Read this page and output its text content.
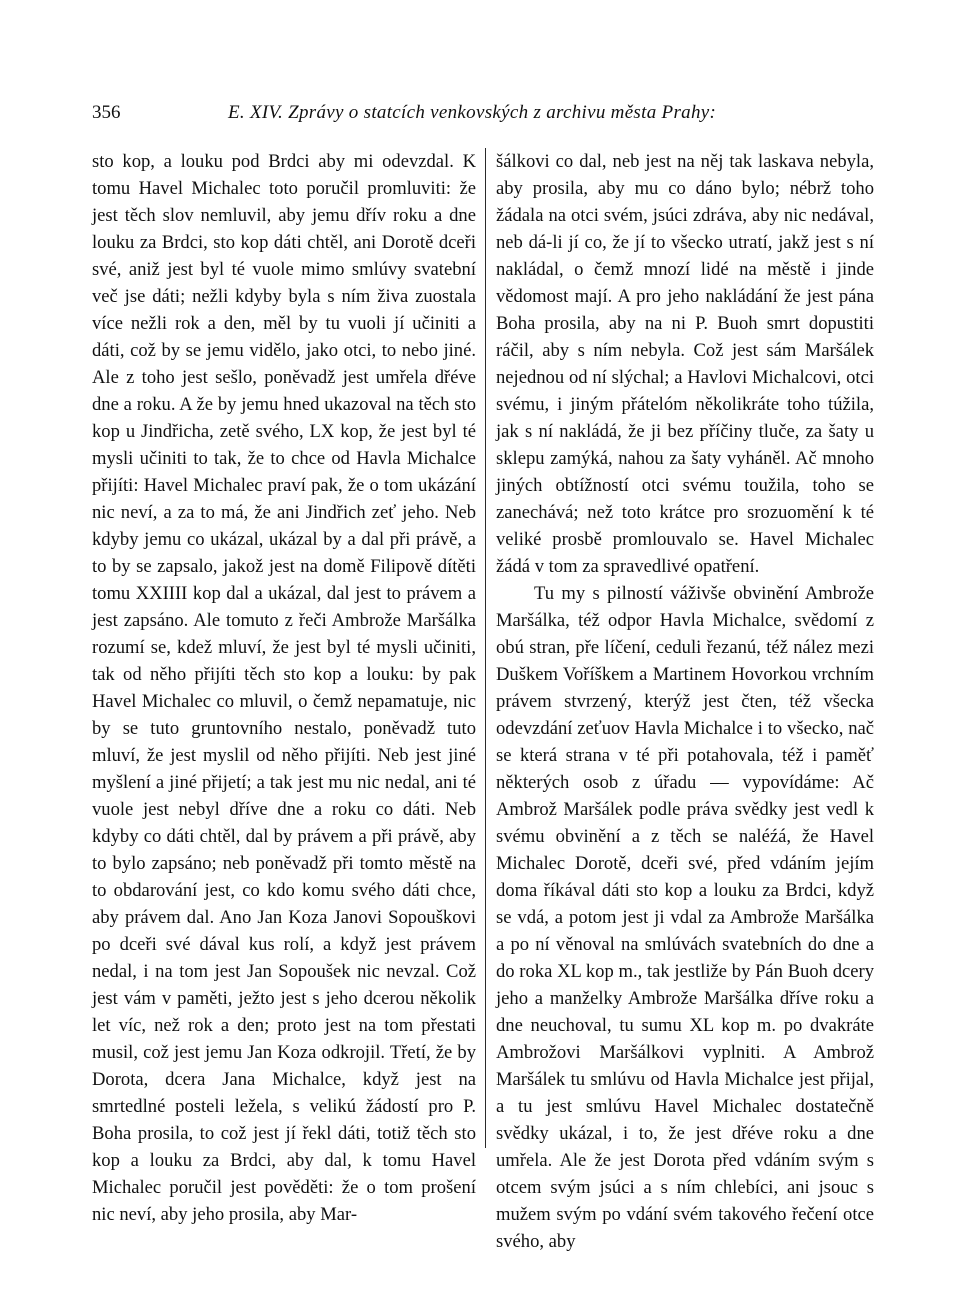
356	E. XIV. Zprávy o statcích venkovských z archivu města Prahy:

sto kop, a louku pod Brdci aby mi odevzdal. K tomu Havel Michalec toto poručil promluviti: že jest těch slov nemluvil, aby jemu dřív roku a dne louku za Brdci, sto kop dáti chtěl, ani Dorotě dceři své, aniž jest byl té vuole mimo smlúvy svatební več jse dáti; nežli kdyby byla s ním živa zuostala více nežli rok a den, měl by tu vuoli jí učiniti a dáti, což by se jemu vidělo, jako otci, to nebo jiné. Ale z toho jest sešlo, poněvadž jest umřela dřéve dne a roku. A že by jemu hned ukazoval na těch sto kop u Jindřicha, zetě svého, LX kop, že jest byl té mysli učiniti to tak, že to chce od Havla Michalce přijíti: Havel Michalec praví pak, že o tom ukázání nic neví, a za to má, že ani Jindřich zeť jeho. Neb kdyby jemu co ukázal, ukázal by a dal při právě, a to by se zapsalo, jakož jest na domě Filipově dítěti tomu XXIIII kop dal a ukázal, dal jest to právem a jest zapsáno. Ale tomuto z řeči Ambrože Maršálka rozumí se, kdež mluví, že jest byl té mysli učiniti, tak od něho přijíti těch sto kop a louku: by pak Havel Michalec co mluvil, o čemž nepamatuje, nic by se tuto gruntovního nestalo, poněvadž tuto mluví, že jest myslil od něho přijíti. Neb jest jiné myšlení a jiné přijetí; a tak jest mu nic nedal, ani té vuole jest nebyl dříve dne a roku co dáti. Neb kdyby co dáti chtěl, dal by právem a při právě, aby to bylo zapsáno; neb poněvadž při tomto městě na to obdarování jest, co kdo komu svého dáti chce, aby právem dal. Ano Jan Koza Janovi Sopouškovi po dceři své dával kus rolí, a když jest právem nedal, i na tom jest Jan Sopoušek nic nevzal. Což jest vám v paměti, ježto jest s jeho dcerou několik let víc, než rok a den; proto jest na tom přestati musil, což jest jemu Jan Koza odkrojil. Třetí, že by Dorota, dcera Jana Michalce, když jest na smrtedlné posteli ležela, s velikú žádostí pro P. Boha prosila, to což jest jí řekl dáti, totiž těch sto kop a louku za Brdci, aby dal, k tomu Havel Michalec poručil jest pověděti: že o tom prošení nic neví, aby jeho prosila, aby Mar-

šálkovi co dal, neb jest na něj tak laskava nebyla, aby prosila, aby mu co dáno bylo; nébrž toho žádala na otci svém, jsúci zdráva, aby nic nedával, neb dá-li jí co, že jí to všecko utratí, jakž jest s ní nakládal, o čemž mnozí lidé na městě i jinde vědomost mají. A pro jeho nakládání že jest pána Boha prosila, aby na ni P. Buoh smrt dopustiti ráčil, aby s ním nebyla. Což jest sám Maršálek nejednou od ní slýchal; a Havlovi Michalcovi, otci svému, i jiným přátelóm několikráte toho túžila, jak s ní nakládá, že ji bez příčiny tluče, za šaty u sklepu zamýká, nahou za šaty vyháněl. Ač mnoho jiných obtížností otci svému toužila, toho se zanechává; než toto krátce pro srozuomění k té veliké prosbě promlouvalo se. Havel Michalec žádá v tom za spravedlivé opatření.

Tu my s pilností váživše obvinění Ambrože Maršálka, též odpor Havla Michalce, svědomí z obú stran, pře líčení, ceduli řezanú, též nález mezi Duškem Voříškem a Martinem Hovorkou vrchním právem stvrzený, kterýž jest čten, též všecka odevzdání zeťuov Havla Michalce i to všecko, nač se která strana v té při potahovala, též i paměť některých osob z úřadu — vypovídáme: Ač Ambrož Maršálek podle práva svědky jest vedl k svému obvinění a z těch se naléźá, že Havel Michalec Dorotě, dceři své, před vdáním jejím doma říkával dáti sto kop a louku za Brdci, když se vdá, a potom jest ji vdal za Ambrože Maršálka a po ní věnoval na smlúvách svatebních do dne a do roka XL kop m., tak jestliže by Pán Buoh dcery jeho a manželky Ambrože Maršálka dříve roku a dne neuchoval, tu sumu XL kop m. po dvakráte Ambrožovi Maršálkovi vyplniti. A Ambrož Maršálek tu smlúvu od Havla Michalce jest přijal, a tu jest smlúvu Havel Michalec dostatečně svědky ukázal, i to, že jest dřéve roku a dne umřela. Ale že jest Dorota před vdáním svým s otcem svým jsúci a s ním chlebíci, ani jsouc s mužem svým po vdání svém takového řečení otce svého, aby
